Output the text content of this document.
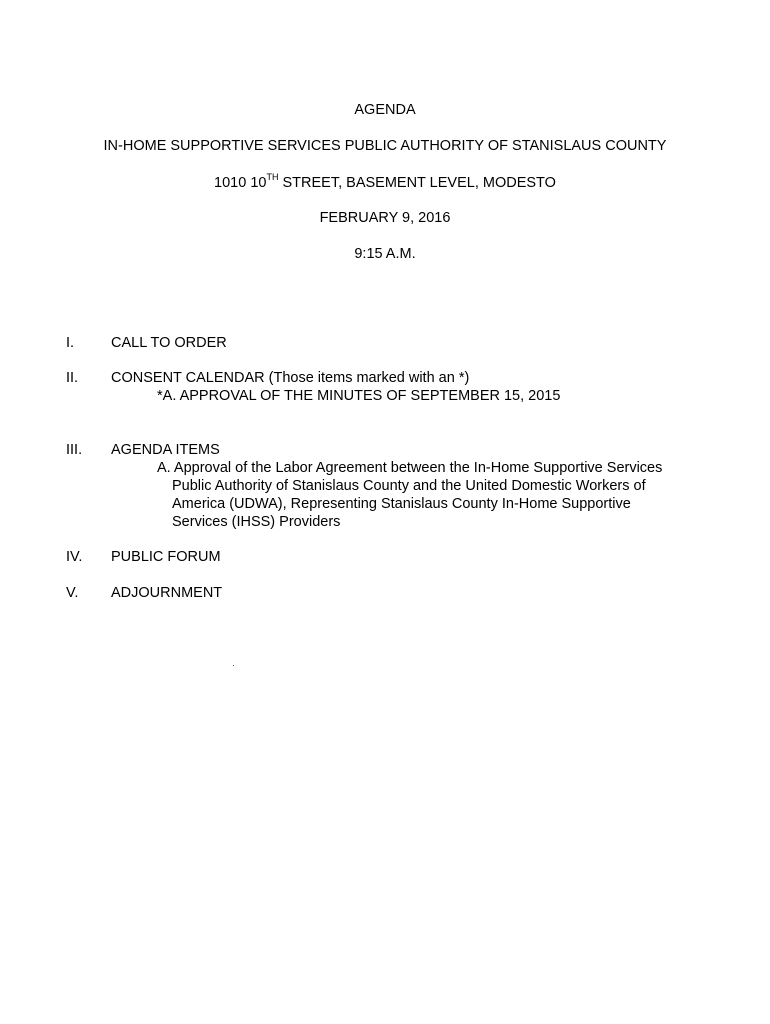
AGENDA
IN-HOME SUPPORTIVE SERVICES PUBLIC AUTHORITY OF STANISLAUS COUNTY
1010 10TH STREET, BASEMENT LEVEL, MODESTO
FEBRUARY 9, 2016
9:15 A.M.
I.	CALL TO ORDER
II. CONSENT CALENDAR (Those items marked with an *)
*A. APPROVAL OF THE MINUTES OF SEPTEMBER 15, 2015
III. AGENDA ITEMS
A. Approval of the Labor Agreement between the In-Home Supportive Services
Public Authority of Stanislaus County and the United Domestic Workers of
America (UDWA), Representing Stanislaus County In-Home Supportive
Services (IHSS) Providers
IV. PUBLIC FORUM
V. ADJOURNMENT
